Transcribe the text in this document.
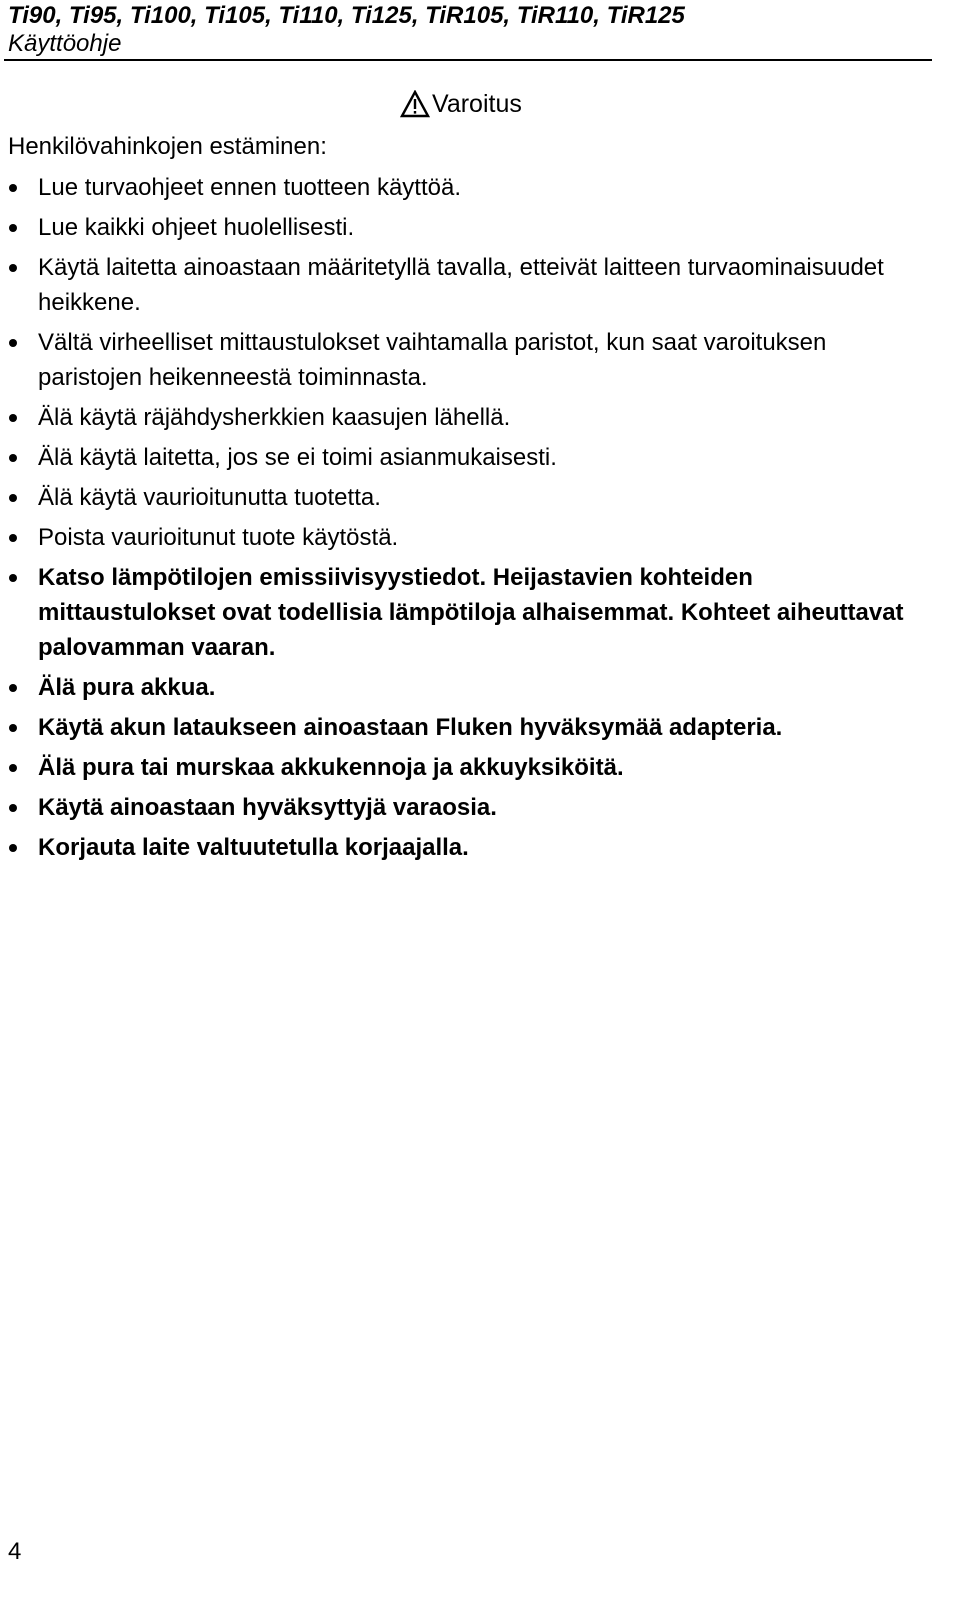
Ti90, Ti95, Ti100, Ti105, Ti110, Ti125, TiR105, TiR110, TiR125
Käyttöohje
Varoitus
Henkilövahinkojen estäminen:
Lue turvaohjeet ennen tuotteen käyttöä.
Lue kaikki ohjeet huolellisesti.
Käytä laitetta ainoastaan määritetyllä tavalla, etteivät laitteen turvaominaisuudet heikkene.
Vältä virheelliset mittaustulokset vaihtamalla paristot, kun saat varoituksen paristojen heikenneestä toiminnasta.
Älä käytä räjähdysherkkien kaasujen lähellä.
Älä käytä laitetta, jos se ei toimi asianmukaisesti.
Älä käytä vaurioitunutta tuotetta.
Poista vaurioitunut tuote käytöstä.
Katso lämpötilojen emissiivisyystiedot. Heijastavien kohteiden mittaustulokset ovat todellisia lämpötiloja alhaisemmat. Kohteet aiheuttavat palovamman vaaran.
Älä pura akkua.
Käytä akun lataukseen ainoastaan Fluken hyväksymää adapteria.
Älä pura tai murskaa akkukennoja ja akkuyksiköitä.
Käytä ainoastaan hyväksyttyjä varaosia.
Korjauta laite valtuutetulla korjaajalla.
4
